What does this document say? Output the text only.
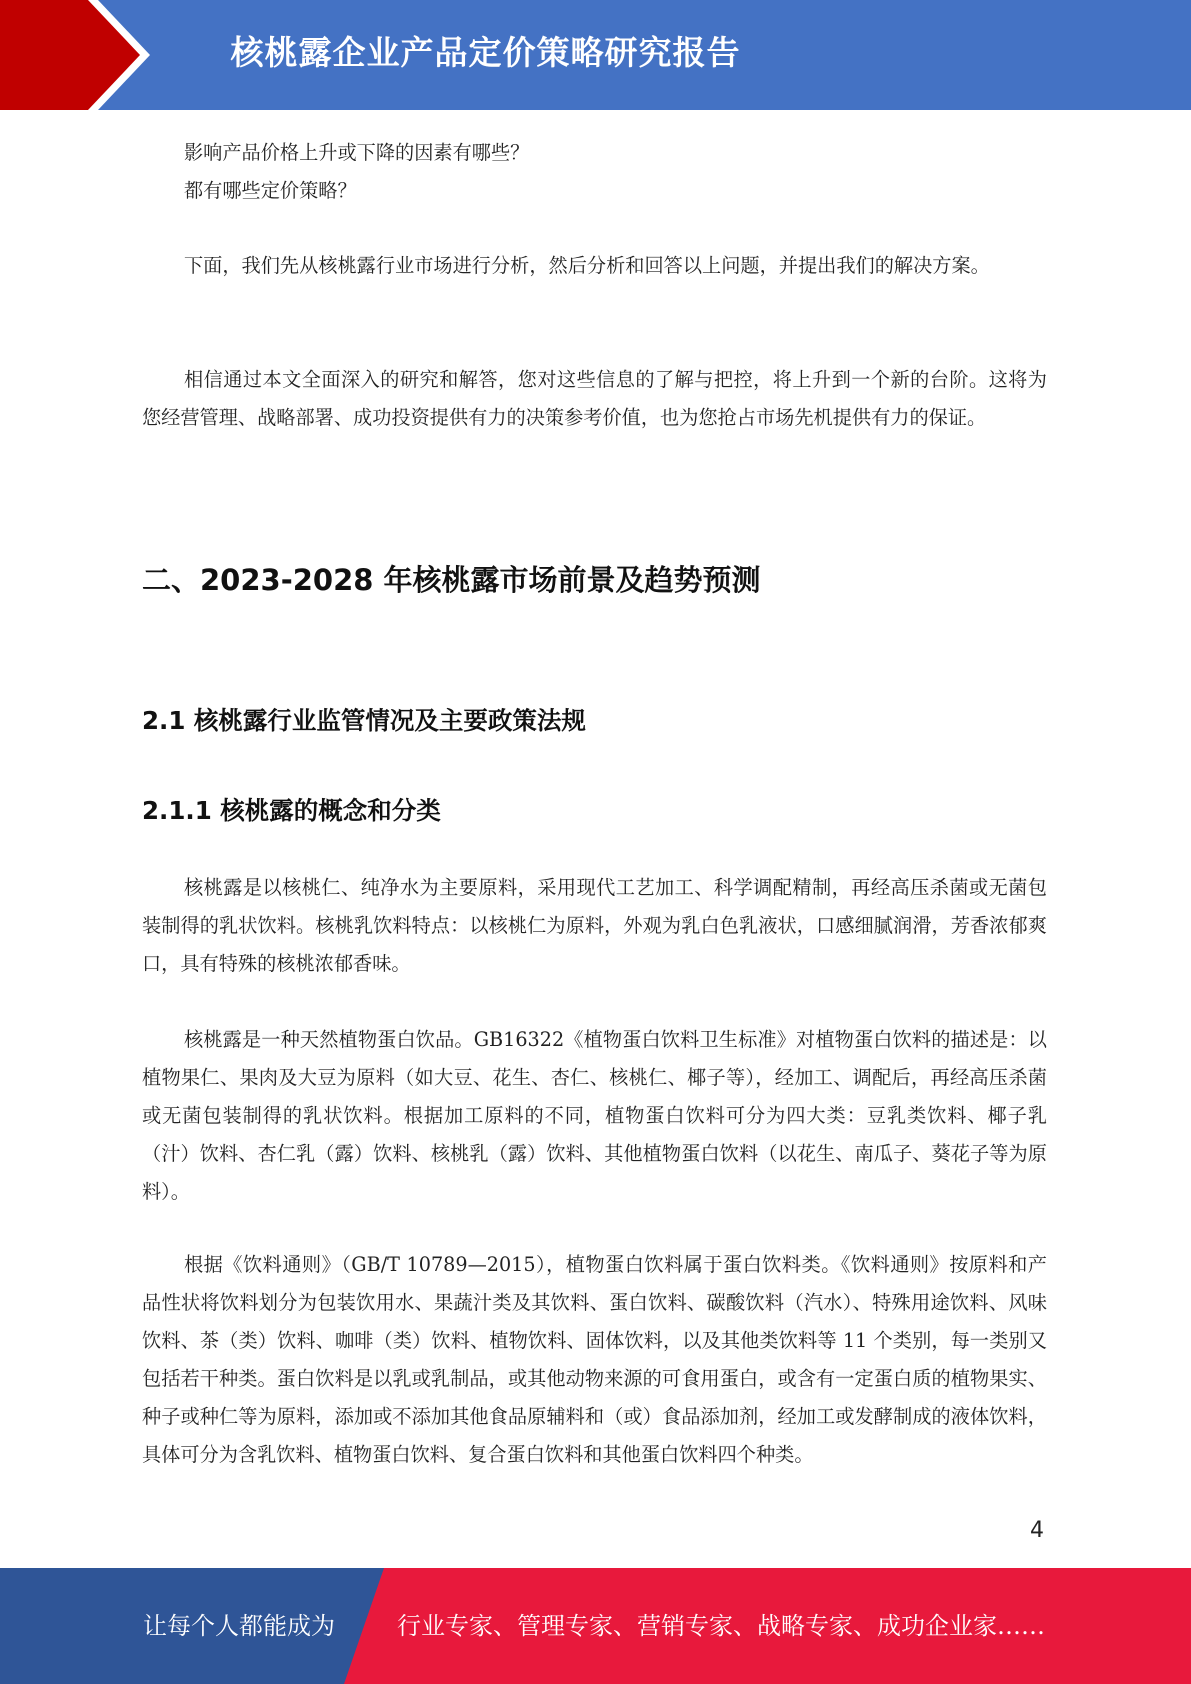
核桃露企业产品定价策略研究报告
影响产品价格上升或下降的因素有哪些？
都有哪些定价策略？
下面，我们先从核桃露行业市场进行分析，然后分析和回答以上问题，并提出我们的解决方案。
相信通过本文全面深入的研究和解答，您对这些信息的了解与把控，将上升到一个新的台阶。这将为您经营管理、战略部署、成功投资提供有力的决策参考价值，也为您抢占市场先机提供有力的保证。
二、2023-2028 年核桃露市场前景及趋势预测
2.1 核桃露行业监管情况及主要政策法规
2.1.1 核桃露的概念和分类
核桃露是以核桃仁、纯净水为主要原料，采用现代工艺加工、科学调配精制，再经高压杀菌或无菌包装制得的乳状饮料。核桃乳饮料特点：以核桃仁为原料，外观为乳白色乳液状，口感细腻润滑，芳香浓郁爽口，具有特殊的核桃浓郁香味。
核桃露是一种天然植物蛋白饮品。GB16322《植物蛋白饮料卫生标准》对植物蛋白饮料的描述是：以植物果仁、果肉及大豆为原料（如大豆、花生、杏仁、核桃仁、椰子等），经加工、调配后，再经高压杀菌或无菌包装制得的乳状饮料。根据加工原料的不同，植物蛋白饮料可分为四大类：豆乳类饮料、椰子乳（汁）饮料、杏仁乳（露）饮料、核桃乳（露）饮料、其他植物蛋白饮料（以花生、南瓜子、葵花子等为原料）。
根据《饮料通则》（GB/T 10789—2015），植物蛋白饮料属于蛋白饮料类。《饮料通则》按原料和产品性状将饮料划分为包装饮用水、果蔬汁类及其饮料、蛋白饮料、碳酸饮料（汽水）、特殊用途饮料、风味饮料、茶（类）饮料、咖啡（类）饮料、植物饮料、固体饮料，以及其他类饮料等 11 个类别，每一类别又包括若干种类。蛋白饮料是以乳或乳制品，或其他动物来源的可食用蛋白，或含有一定蛋白质的植物果实、种子或种仁等为原料，添加或不添加其他食品原辅料和（或）食品添加剂，经加工或发酵制成的液体饮料，具体可分为含乳饮料、植物蛋白饮料、复合蛋白饮料和其他蛋白饮料四个种类。
4
让每个人都能成为	行业专家、管理专家、营销专家、战略专家、成功企业家……
